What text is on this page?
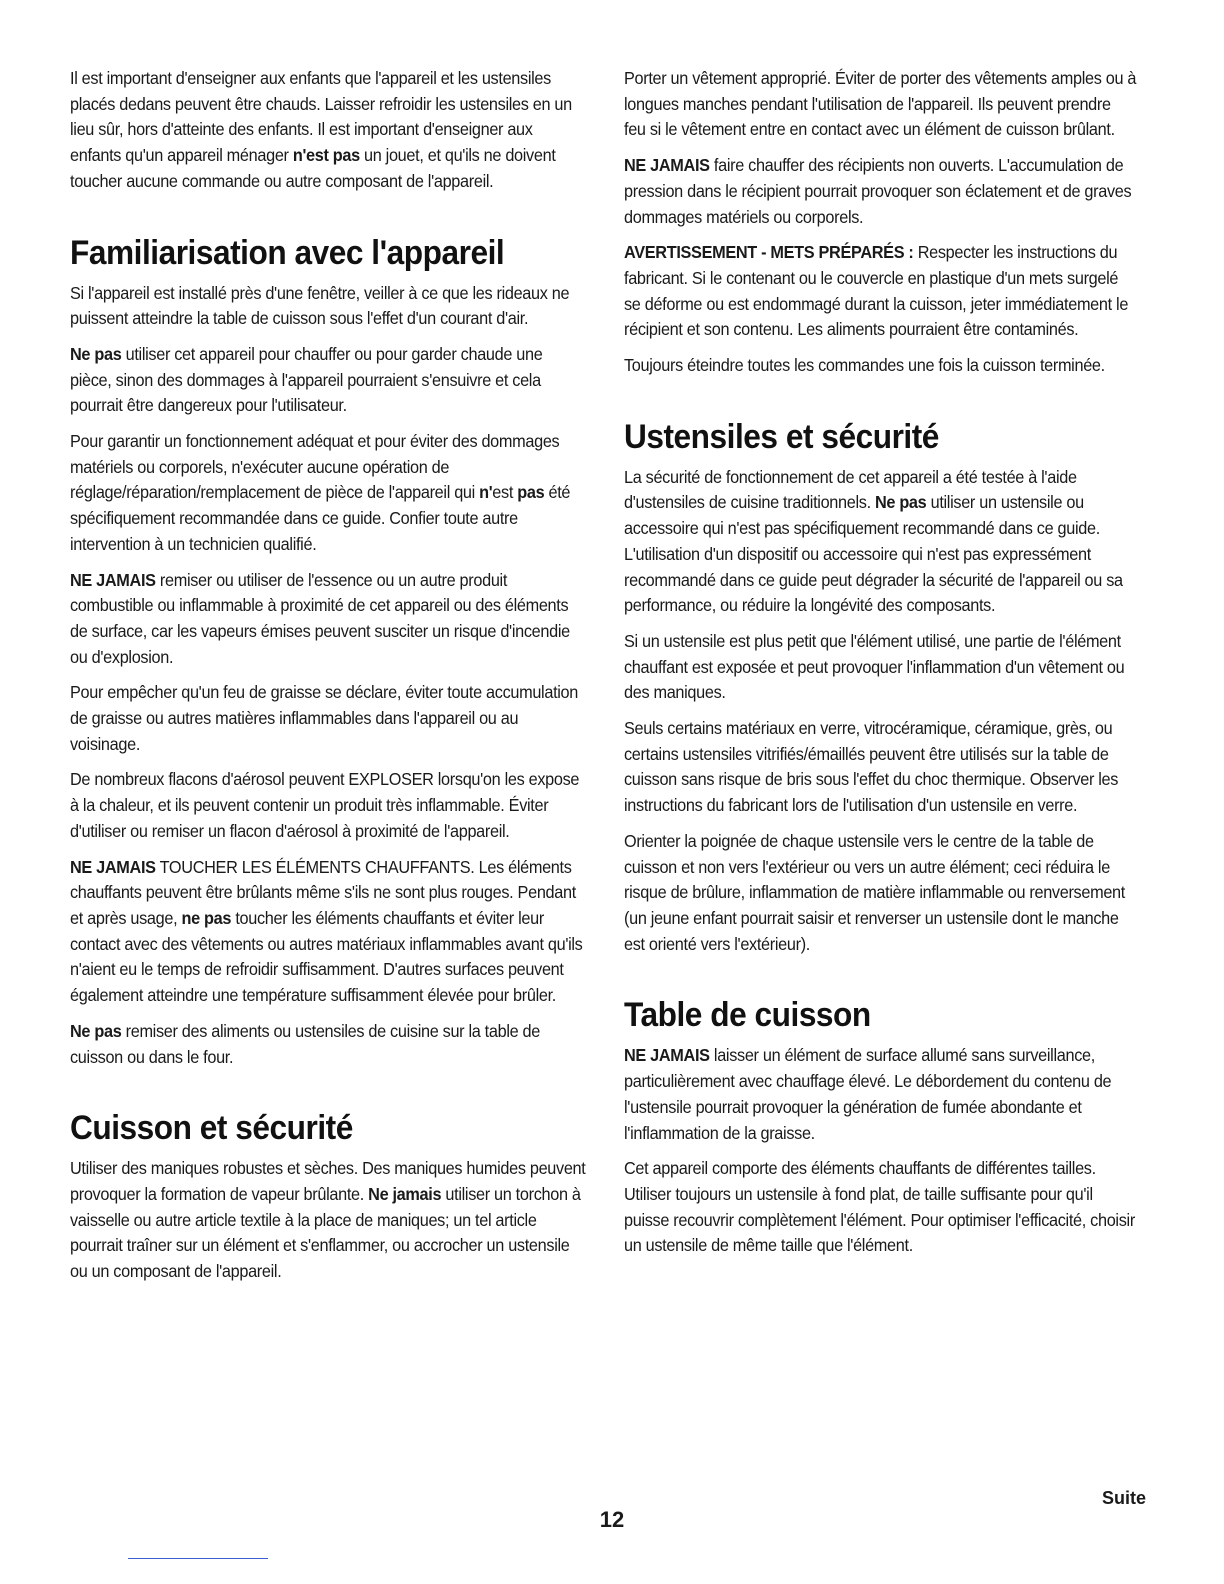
Il est important d'enseigner aux enfants que l'appareil et les ustensiles placés dedans peuvent être chauds. Laisser refroidir les ustensiles en un lieu sûr, hors d'atteinte des enfants. Il est important d'enseigner aux enfants qu'un appareil ménager n'est pas un jouet, et qu'ils ne doivent toucher aucune commande ou autre composant de l'appareil.

Familiarisation avec l'appareil

Si l'appareil est installé près d'une fenêtre, veiller à ce que les rideaux ne puissent atteindre la table de cuisson sous l'effet d'un courant d'air.

Ne pas utiliser cet appareil pour chauffer ou pour garder chaude une pièce, sinon des dommages à l'appareil pourraient s'ensuivre et cela pourrait être dangereux pour l'utilisateur.

Pour garantir un fonctionnement adéquat et pour éviter des dommages matériels ou corporels, n'exécuter aucune opération de réglage/réparation/remplacement de pièce de l'appareil qui n'est pas été spécifiquement recommandée dans ce guide. Confier toute autre intervention à un technicien qualifié.

NE JAMAIS remiser ou utiliser de l'essence ou un autre produit combustible ou inflammable à proximité de cet appareil ou des éléments de surface, car les vapeurs émises peuvent susciter un risque d'incendie ou d'explosion.

Pour empêcher qu'un feu de graisse se déclare, éviter toute accumulation de graisse ou autres matières inflammables dans l'appareil ou au voisinage.

De nombreux flacons d'aérosol peuvent EXPLOSER lorsqu'on les expose à la chaleur, et ils peuvent contenir un produit très inflammable. Éviter d'utiliser ou remiser un flacon d'aérosol à proximité de l'appareil.

NE JAMAIS TOUCHER LES ÉLÉMENTS CHAUFFANTS. Les éléments chauffants peuvent être brûlants même s'ils ne sont plus rouges. Pendant et après usage, ne pas toucher les éléments chauffants et éviter leur contact avec des vêtements ou autres matériaux inflammables avant qu'ils n'aient eu le temps de refroidir suffisamment. D'autres surfaces peuvent également atteindre une température suffisamment élevée pour brûler.

Ne pas remiser des aliments ou ustensiles de cuisine sur la table de cuisson ou dans le four.

Cuisson et sécurité

Utiliser des maniques robustes et sèches. Des maniques humides peuvent provoquer la formation de vapeur brûlante. Ne jamais utiliser un torchon à vaisselle ou autre article textile à la place de maniques; un tel article pourrait traîner sur un élément et s'enflammer, ou accrocher un ustensile ou un composant de l'appareil.

Porter un vêtement approprié. Éviter de porter des vêtements amples ou à longues manches pendant l'utilisation de l'appareil. Ils peuvent prendre feu si le vêtement entre en contact avec un élément de cuisson brûlant.

NE JAMAIS faire chauffer des récipients non ouverts. L'accumulation de pression dans le récipient pourrait provoquer son éclatement et de graves dommages matériels ou corporels.

AVERTISSEMENT - METS PRÉPARÉS : Respecter les instructions du fabricant. Si le contenant ou le couvercle en plastique d'un mets surgelé se déforme ou est endommagé durant la cuisson, jeter immédiatement le récipient et son contenu. Les aliments pourraient être contaminés.

Toujours éteindre toutes les commandes une fois la cuisson terminée.

Ustensiles et sécurité

La sécurité de fonctionnement de cet appareil a été testée à l'aide d'ustensiles de cuisine traditionnels. Ne pas utiliser un ustensile ou accessoire qui n'est pas spécifiquement recommandé dans ce guide. L'utilisation d'un dispositif ou accessoire qui n'est pas expressément recommandé dans ce guide peut dégrader la sécurité de l'appareil ou sa performance, ou réduire la longévité des composants.

Si un ustensile est plus petit que l'élément utilisé, une partie de l'élément chauffant est exposée et peut provoquer l'inflammation d'un vêtement ou des maniques.

Seuls certains matériaux en verre, vitrocéramique, céramique, grès, ou certains ustensiles vitrifiés/émaillés peuvent être utilisés sur la table de cuisson sans risque de bris sous l'effet du choc thermique. Observer les instructions du fabricant lors de l'utilisation d'un ustensile en verre.

Orienter la poignée de chaque ustensile vers le centre de la table de cuisson et non vers l'extérieur ou vers un autre élément; ceci réduira le risque de brûlure, inflammation de matière inflammable ou renversement (un jeune enfant pourrait saisir et renverser un ustensile dont le manche est orienté vers l'extérieur).

Table de cuisson

NE JAMAIS laisser un élément de surface allumé sans surveillance, particulièrement avec chauffage élevé. Le débordement du contenu de l'ustensile pourrait provoquer la génération de fumée abondante et l'inflammation de la graisse.

Cet appareil comporte des éléments chauffants de différentes tailles. Utiliser toujours un ustensile à fond plat, de taille suffisante pour qu'il puisse recouvrir complètement l'élément. Pour optimiser l'efficacité, choisir un ustensile de même taille que l'élément.

Suite
12
